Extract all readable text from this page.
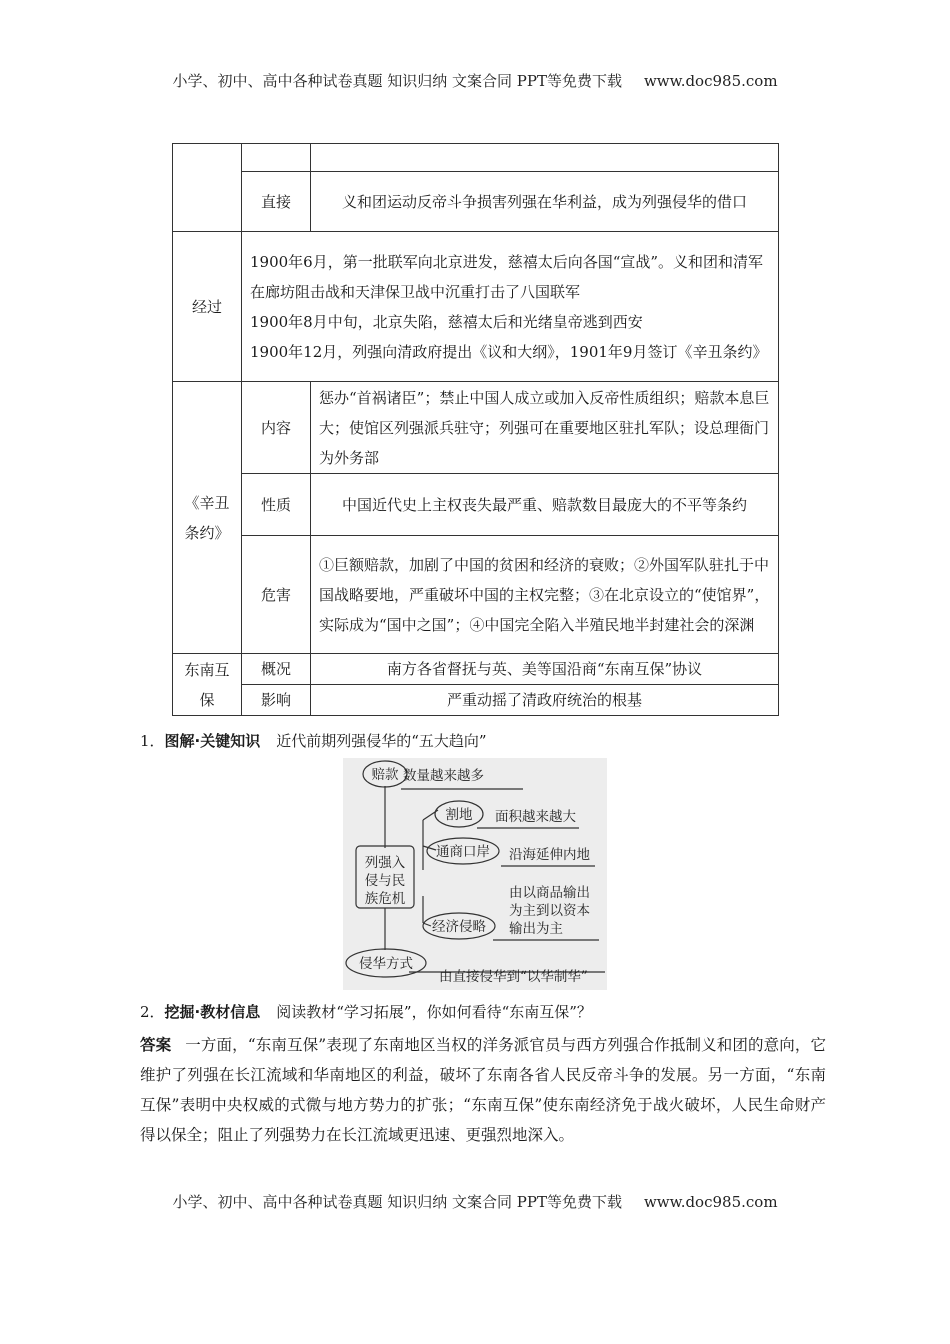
小学、初中、高中各种试卷真题 知识归纳 文案合同 PPT等免费下载 www.doc985.com

	直接	义和团运动反帝斗争损害列强在华利益，成为列强侵华的借口
经过	1900年6月，第一批联军向北京进发，慈禧太后向各国“宣战”。义和团和清军在廊坊阻击战和天津保卫战中沉重打击了八国联军
1900年8月中旬，北京失陷，慈禧太后和光绪皇帝逃到西安
1900年12月，列强向清政府提出《议和大纲》，1901年9月签订《辛丑条约》	

《辛丑条约》	内容	惩办“首祸诸臣”；禁止中国人成立或加入反帝性质组织；赔款本息巨大；使馆区列强派兵驻守；列强可在重要地区驻扎军队；设总理衙门为外务部
	性质	中国近代史上主权丧失最严重、赔款数目最庞大的不平等条约
	危害	①巨额赔款，加剧了中国的贫困和经济的衰败；②外国军队驻扎于中国战略要地，严重破坏中国的主权完整；③在北京设立的“使馆界”，实际成为“国中之国”；④中国完全陷入半殖民地半封建社会的深渊
东南互保	概况	南方各省督抚与英、美等国沿商“东南互保”协议
	影响	严重动摇了清政府统治的根基
1．图解·关键知识 近代前期列强侵华的“五大趋向”
赔款 数量越来越多
割地 面积越来越大
通商口岸 沿海延伸内地
列强入
侵与民
族危机	由以商品输出
为主到以资本
输出为主
经济侵略
侵华方式
由直接侵华到“以华制华”
2．挖掘·教材信息 阅读教材“学习拓展”，你如何看待“东南互保”？
答案 一方面，“东南互保”表现了东南地区当权的洋务派官员与西方列强合作抵制义和团的意向，它维护了列强在长江流域和华南地区的利益，破坏了东南各省人民反帝斗争的发展。另一方面，“东南互保”表明中央权威的式微与地方势力的扩张；“东南互保”使东南经济免于战火破坏，人民生命财产得以保全；阻止了列强势力在长江流域更迅速、更强烈地深入。
小学、初中、高中各种试卷真题 知识归纳 文案合同 PPT等免费下载 www.doc985.com
